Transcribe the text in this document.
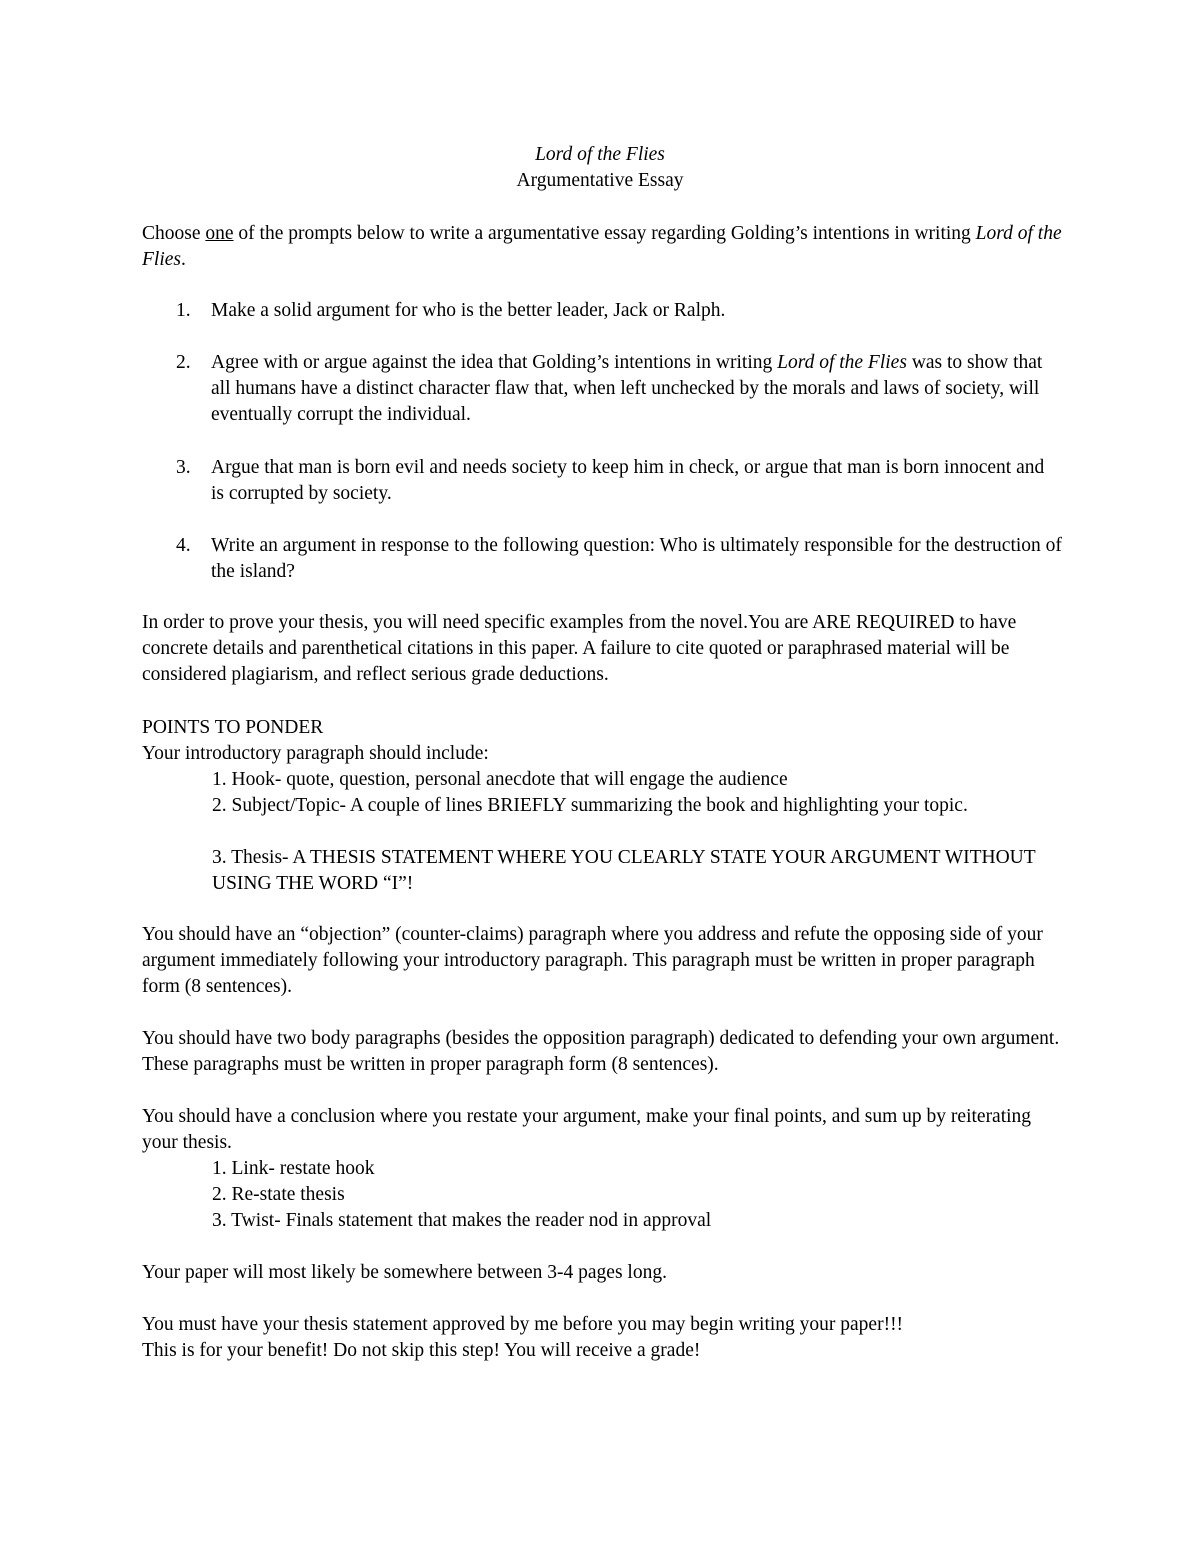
Lord of the Flies
Argumentative Essay

Choose one of the prompts below to write a argumentative essay regarding Golding’s intentions in writing Lord of the Flies.

1.	Make a solid argument for who is the better leader, Jack or Ralph.
2.	Agree with or argue against the idea that Golding’s intentions in writing Lord of the Flies was to show that all humans have a distinct character flaw that, when left unchecked by the morals and laws of society, will eventually corrupt the individual.
3.	Argue that man is born evil and needs society to keep him in check, or argue that man is born innocent and is corrupted by society.
4.	Write an argument in response to the following question: Who is ultimately responsible for the destruction of the island?

In order to prove your thesis, you will need specific examples from the novel.You are ARE REQUIRED to have concrete details and parenthetical citations in this paper. A failure to cite quoted or paraphrased material will be considered plagiarism, and reflect serious grade deductions.

POINTS TO PONDER

Your introductory paragraph should include:

1. Hook- quote, question, personal anecdote that will engage the audience

2. Subject/Topic- A couple of lines BRIEFLY summarizing the book and highlighting your topic.

3. Thesis- A THESIS STATEMENT WHERE YOU CLEARLY STATE YOUR ARGUMENT WITHOUT USING THE WORD “I”!

You should have an “objection” (counter-claims) paragraph where you address and refute the opposing side of your argument immediately following your introductory paragraph. This paragraph must be written in proper paragraph form (8 sentences).

You should have two body paragraphs (besides the opposition paragraph) dedicated to defending your own argument. These paragraphs must be written in proper paragraph form (8 sentences).

You should have a conclusion where you restate your argument, make your final points, and sum up by reiterating your thesis.

1. Link- restate hook

2. Re-state thesis

3. Twist- Finals statement that makes the reader nod in approval

Your paper will most likely be somewhere between 3-4 pages long.

You must have your thesis statement approved by me before you may begin writing your paper!!!

This is for your benefit! Do not skip this step! You will receive a grade!
